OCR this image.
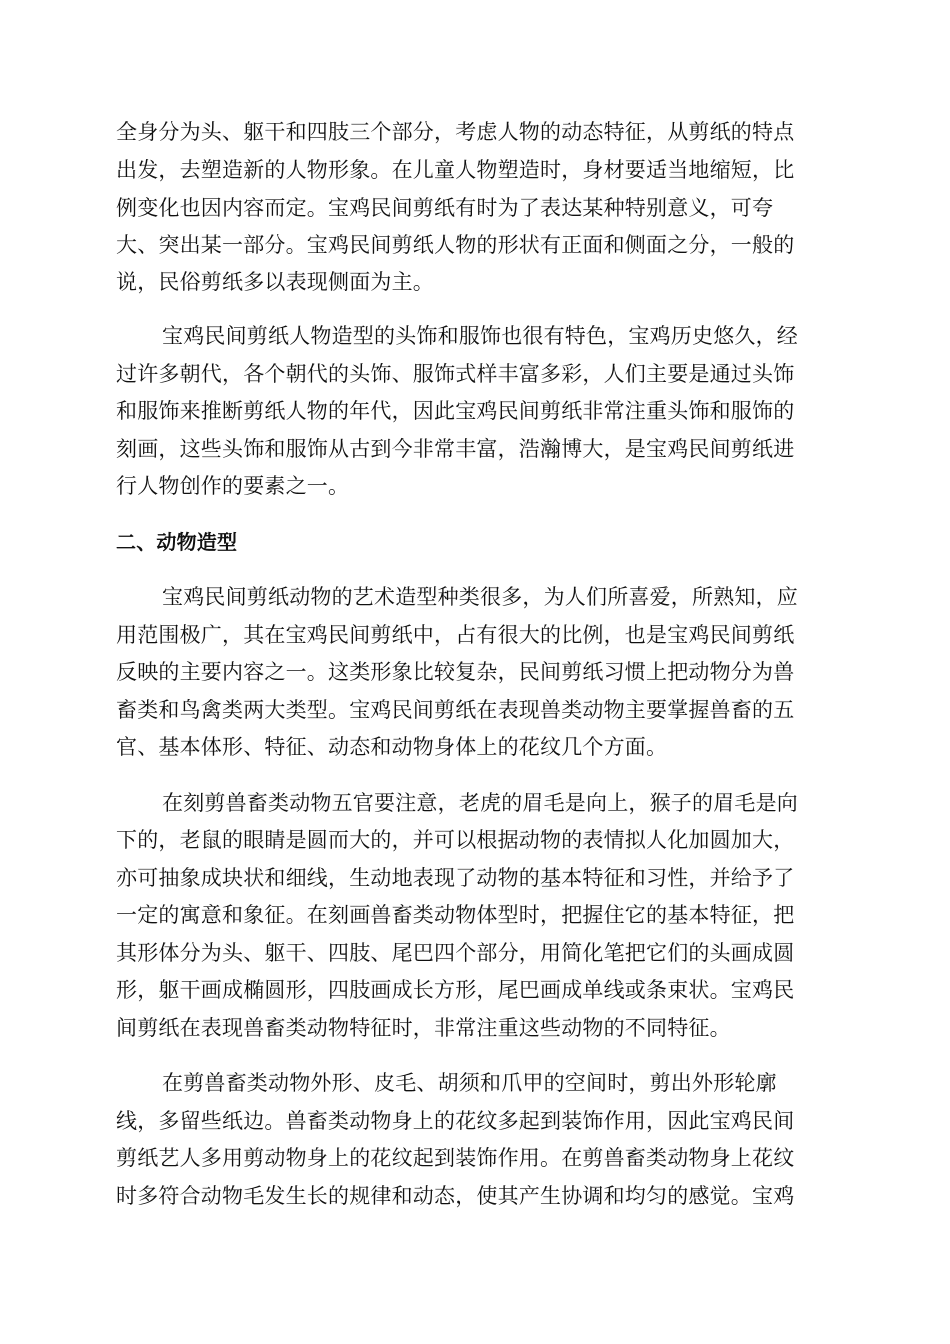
全身分为头、躯干和四肢三个部分，考虑人物的动态特征，从剪纸的特点
出发，去塑造新的人物形象。在儿童人物塑造时，身材要适当地缩短，比
例变化也因内容而定。宝鸡民间剪纸有时为了表达某种特别意义，可夸
大、突出某一部分。宝鸡民间剪纸人物的形状有正面和侧面之分，一般的
说，民俗剪纸多以表现侧面为主。
宝鸡民间剪纸人物造型的头饰和服饰也很有特色，宝鸡历史悠久，经
过许多朝代，各个朝代的头饰、服饰式样丰富多彩，人们主要是通过头饰
和服饰来推断剪纸人物的年代，因此宝鸡民间剪纸非常注重头饰和服饰的
刻画，这些头饰和服饰从古到今非常丰富，浩瀚博大，是宝鸡民间剪纸进
行人物创作的要素之一。
二、动物造型
宝鸡民间剪纸动物的艺术造型种类很多，为人们所喜爱，所熟知，应
用范围极广，其在宝鸡民间剪纸中，占有很大的比例，也是宝鸡民间剪纸
反映的主要内容之一。这类形象比较复杂，民间剪纸习惯上把动物分为兽
畜类和鸟禽类两大类型。宝鸡民间剪纸在表现兽类动物主要掌握兽畜的五
官、基本体形、特征、动态和动物身体上的花纹几个方面。
在刻剪兽畜类动物五官要注意，老虎的眉毛是向上，猴子的眉毛是向
下的，老鼠的眼睛是圆而大的，并可以根据动物的表情拟人化加圆加大，
亦可抽象成块状和细线，生动地表现了动物的基本特征和习性，并给予了
一定的寓意和象征。在刻画兽畜类动物体型时，把握住它的基本特征，把
其形体分为头、躯干、四肢、尾巴四个部分，用简化笔把它们的头画成圆
形，躯干画成椭圆形，四肢画成长方形，尾巴画成单线或条束状。宝鸡民
间剪纸在表现兽畜类动物特征时，非常注重这些动物的不同特征。
在剪兽畜类动物外形、皮毛、胡须和爪甲的空间时，剪出外形轮廓
线，多留些纸边。兽畜类动物身上的花纹多起到装饰作用，因此宝鸡民间
剪纸艺人多用剪动物身上的花纹起到装饰作用。在剪兽畜类动物身上花纹
时多符合动物毛发生长的规律和动态，使其产生协调和均匀的感觉。宝鸡
